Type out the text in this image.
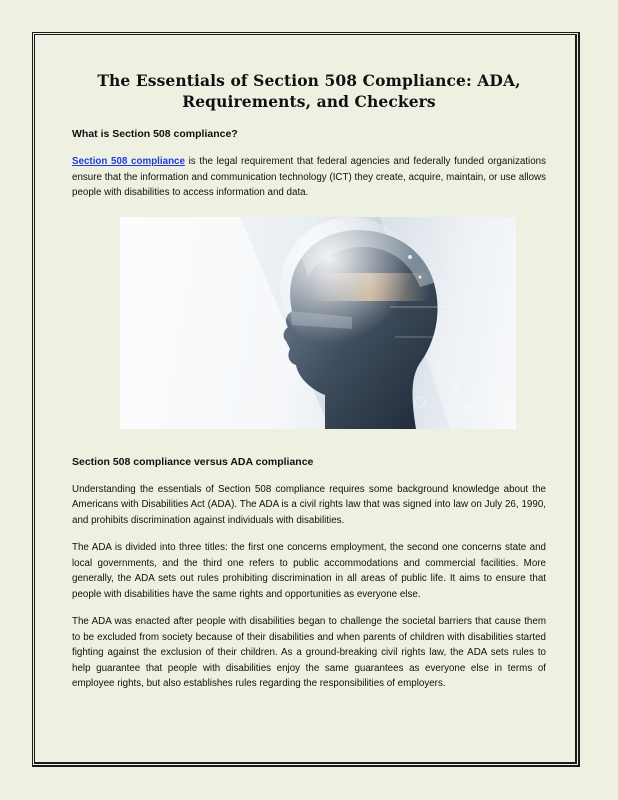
The Essentials of Section 508 Compliance: ADA,
Requirements, and Checkers
What is Section 508 compliance?

Section 508 compliance is the legal requirement that federal agencies and federally funded organizations ensure that the information and communication technology (ICT) they create, acquire, maintain, or use allows people with disabilities to access information and data.

Section 508 compliance versus ADA compliance

Understanding the essentials of Section 508 compliance requires some background knowledge about the Americans with Disabilities Act (ADA). The ADA is a civil rights law that was signed into law on July 26, 1990, and prohibits discrimination against individuals with disabilities.

The ADA is divided into three titles: the first one concerns employment, the second one concerns state and local governments, and the third one refers to public accommodations and commercial facilities. More generally, the ADA sets out rules prohibiting discrimination in all areas of public life. It aims to ensure that people with disabilities have the same rights and opportunities as everyone else.

The ADA was enacted after people with disabilities began to challenge the societal barriers that cause them to be excluded from society because of their disabilities and when parents of children with disabilities started fighting against the exclusion of their children. As a ground-breaking civil rights law, the ADA sets rules to help guarantee that people with disabilities enjoy the same guarantees as everyone else in terms of employee rights, but also establishes rules regarding the responsibilities of employers.
